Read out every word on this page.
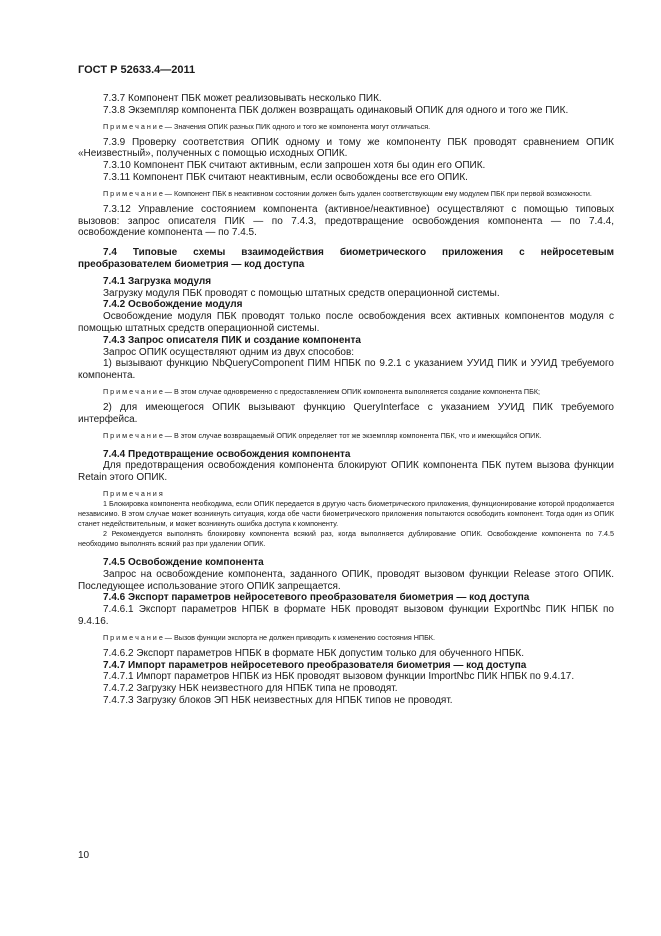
ГОСТ Р 52633.4—2011

7.3.7 Компонент ПБК может реализовывать несколько ПИК.

7.3.8 Экземпляр компонента ПБК должен возвращать одинаковый ОПИК для одного и того же ПИК.

П р и м е ч а н и е — Значения ОПИК разных ПИК одного и того же компонента могут отличаться.

7.3.9 Проверку соответствия ОПИК одному и тому же компоненту ПБК проводят сравнением ОПИК «Неизвестный», полученных с помощью исходных ОПИК.

7.3.10 Компонент ПБК считают активным, если запрошен хотя бы один его ОПИК.

7.3.11 Компонент ПБК считают неактивным, если освобождены все его ОПИК.

П р и м е ч а н и е — Компонент ПБК в неактивном состоянии должен быть удален соответствующим ему модулем ПБК при первой возможности.

7.3.12 Управление состоянием компонента (активное/неактивное) осуществляют с помощью типовых вызовов: запрос описателя ПИК — по 7.4.3, предотвращение освобождения компонента — по 7.4.4, освобождение компонента — по 7.4.5.

7.4 Типовые схемы взаимодействия биометрического приложения с нейросетевым преобразователем биометрия — код доступа

7.4.1 Загрузка модуля

Загрузку модуля ПБК проводят с помощью штатных средств операционной системы.

7.4.2 Освобождение модуля

Освобождение модуля ПБК проводят только после освобождения всех активных компонентов модуля с помощью штатных средств операционной системы.

7.4.3 Запрос описателя ПИК и создание компонента

Запрос ОПИК осуществляют одним из двух способов:

1) вызывают функцию NbQueryComponent ПИМ НПБК по 9.2.1 с указанием УУИД ПИК и УУИД требуемого компонента.

П р и м е ч а н и е — В этом случае одновременно с предоставлением ОПИК компонента выполняется создание компонента ПБК;

2) для имеющегося ОПИК вызывают функцию QueryInterface с указанием УУИД ПИК требуемого интерфейса.

П р и м е ч а н и е — В этом случае возвращаемый ОПИК определяет тот же экземпляр компонента ПБК, что и имеющийся ОПИК.

7.4.4 Предотвращение освобождения компонента

Для предотвращения освобождения компонента блокируют ОПИК компонента ПБК путем вызова функции Retain этого ОПИК.

П р и м е ч а н и я

1 Блокировка компонента необходима, если ОПИК передается в другую часть биометрического приложения, функционирование которой продолжается независимо. В этом случае может возникнуть ситуация, когда обе части биометрического приложения попытаются освободить компонент. Тогда один из ОПИК станет недействительным, и может возникнуть ошибка доступа к компоненту.

2 Рекомендуется выполнять блокировку компонента всякий раз, когда выполняется дублирование ОПИК. Освобождение компонента по 7.4.5 необходимо выполнять всякий раз при удалении ОПИК.

7.4.5 Освобождение компонента

Запрос на освобождение компонента, заданного ОПИК, проводят вызовом функции Release этого ОПИК. Последующее использование этого ОПИК запрещается.

7.4.6 Экспорт параметров нейросетевого преобразователя биометрия — код доступа

7.4.6.1 Экспорт параметров НПБК в формате НБК проводят вызовом функции ExportNbc ПИК НПБК по 9.4.16.

П р и м е ч а н и е — Вызов функции экспорта не должен приводить к изменению состояния НПБК.

7.4.6.2 Экспорт параметров НПБК в формате НБК допустим только для обученного НПБК.

7.4.7 Импорт параметров нейросетевого преобразователя биометрия — код доступа

7.4.7.1 Импорт параметров НПБК из НБК проводят вызовом функции ImportNbc ПИК НПБК по 9.4.17.

7.4.7.2 Загрузку НБК неизвестного для НПБК типа не проводят.

7.4.7.3 Загрузку блоков ЭП НБК неизвестных для НПБК типов не проводят.

10
